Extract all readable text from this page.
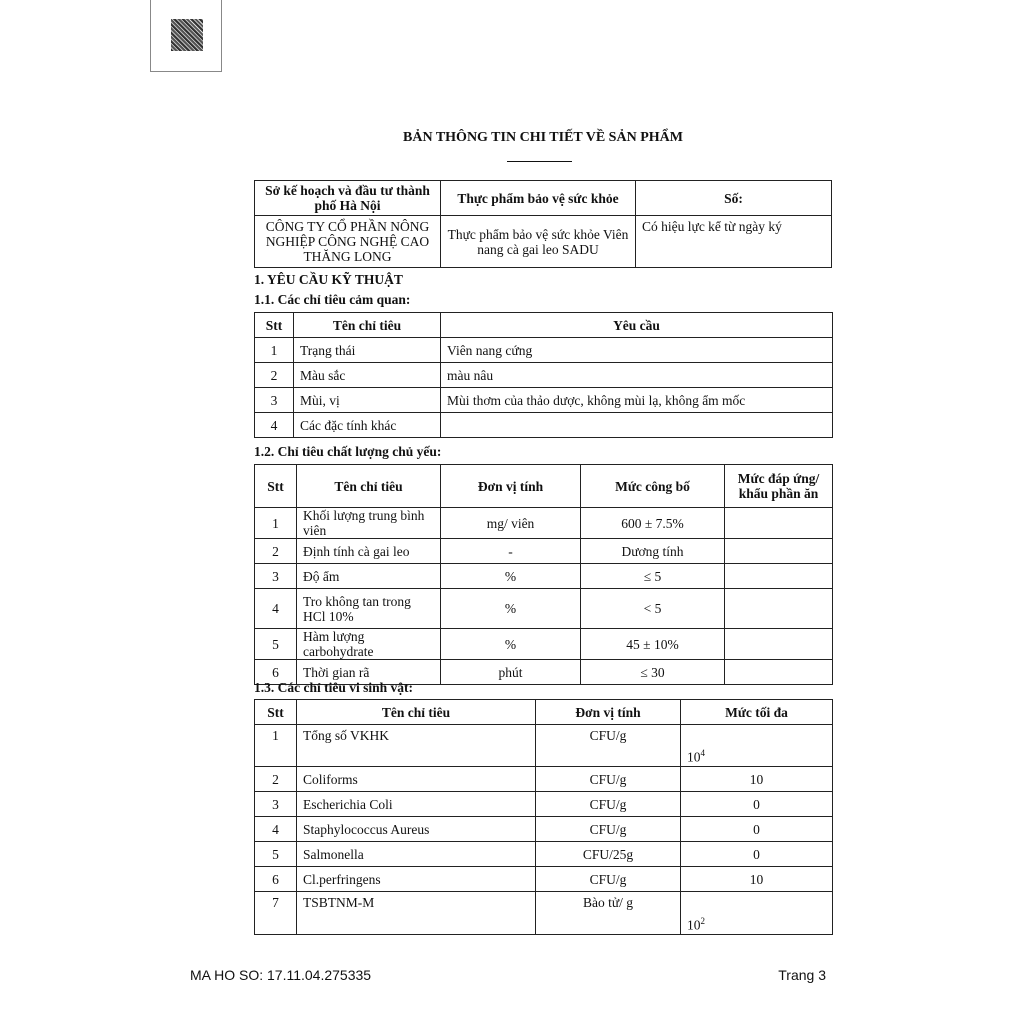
BẢN THÔNG TIN CHI TIẾT VỀ SẢN PHẨM
Sở kế hoạch và đầu tư thành phố Hà Nội	Thực phẩm bảo vệ sức khỏe	Số:
CÔNG TY CỔ PHẦN NÔNG NGHIỆP CÔNG NGHỆ CAO THĂNG LONG	Thực phẩm bảo vệ sức khỏe Viên nang cà gai leo SADU	Có hiệu lực kể từ ngày ký
1. YÊU CẦU KỸ THUẬT
1.1. Các chỉ tiêu cảm quan:
Stt	Tên chỉ tiêu	Yêu cầu
1	Trạng thái	Viên nang cứng
2	Màu sắc	màu nâu
3	Mùi, vị	Mùi thơm của thảo dược, không mùi lạ, không ẩm mốc
4	Các đặc tính khác	
1.2. Chỉ tiêu chất lượng chủ yếu:
Stt	Tên chỉ tiêu	Đơn vị tính	Mức công bố	Mức đáp ứng/ khẩu phần ăn
1	Khối lượng trung bình viên	mg/ viên	600 ± 7.5%	
2	Định tính cà gai leo	-	Dương tính	
3	Độ ẩm	%	≤ 5	
4	Tro không tan trong HCl 10%	%	< 5	
5	Hàm lượng carbohydrate	%	45 ± 10%	
6	Thời gian rã	phút	≤ 30	
1.3. Các chỉ tiêu vi sinh vật:
Stt	Tên chỉ tiêu	Đơn vị tính	Mức tối đa
1	Tổng số VKHK	CFU/g	$10^4$
2	Coliforms	CFU/g	10
3	Escherichia Coli	CFU/g	0
4	Staphylococcus Aureus	CFU/g	0
5	Salmonella	CFU/25g	0
6	Cl.perfringens	CFU/g	10
7	TSBTNM-M	Bào tử/ g	$10^2$
MA HO SO: 17.11.04.275335	Trang 3
